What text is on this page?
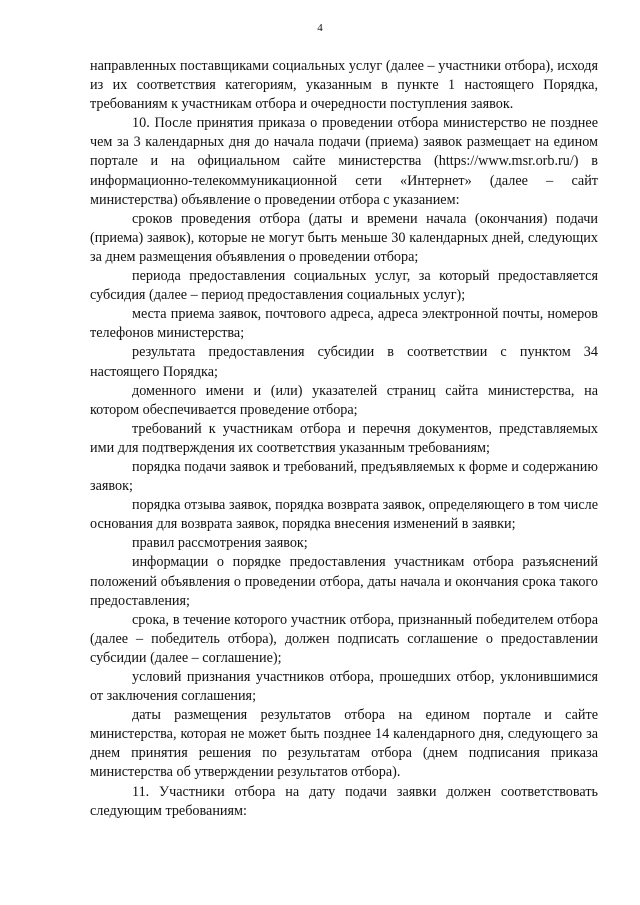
4

направленных поставщиками социальных услуг (далее – участники отбора), исходя из их соответствия категориям, указанным в пункте 1 настоящего Порядка, требованиям к участникам отбора и очередности поступления заявок.

10. После принятия приказа о проведении отбора министерство не позднее чем за 3 календарных дня до начала подачи (приема) заявок размещает на едином портале и на официальном сайте министерства (https://www.msr.orb.ru/) в информационно-телекоммуникационной сети «Интернет» (далее – сайт министерства) объявление о проведении отбора с указанием:

сроков проведения отбора (даты и времени начала (окончания) подачи (приема) заявок), которые не могут быть меньше 30 календарных дней, следующих за днем размещения объявления о проведении отбора;

периода предоставления социальных услуг, за который предоставляется субсидия (далее – период предоставления социальных услуг);

места приема заявок, почтового адреса, адреса электронной почты, номеров телефонов министерства;

результата предоставления субсидии в соответствии с пунктом 34 настоящего Порядка;

доменного имени и (или) указателей страниц сайта министерства, на котором обеспечивается проведение отбора;

требований к участникам отбора и перечня документов, представляемых ими для подтверждения их соответствия указанным требованиям;

порядка подачи заявок и требований, предъявляемых к форме и содержанию заявок;

порядка отзыва заявок, порядка возврата заявок, определяющего в том числе основания для возврата заявок, порядка внесения изменений в заявки;

правил рассмотрения заявок;

информации о порядке предоставления участникам отбора разъяснений положений объявления о проведении отбора, даты начала и окончания срока такого предоставления;

срока, в течение которого участник отбора, признанный победителем отбора (далее – победитель отбора), должен подписать соглашение о предоставлении субсидии (далее – соглашение);

условий признания участников отбора, прошедших отбор, уклонившимися от заключения соглашения;

даты размещения результатов отбора на едином портале и сайте министерства, которая не может быть позднее 14 календарного дня, следующего за днем принятия решения по результатам отбора (днем подписания приказа министерства об утверждении результатов отбора).

11. Участники отбора на дату подачи заявки должен соответствовать следующим требованиям:
